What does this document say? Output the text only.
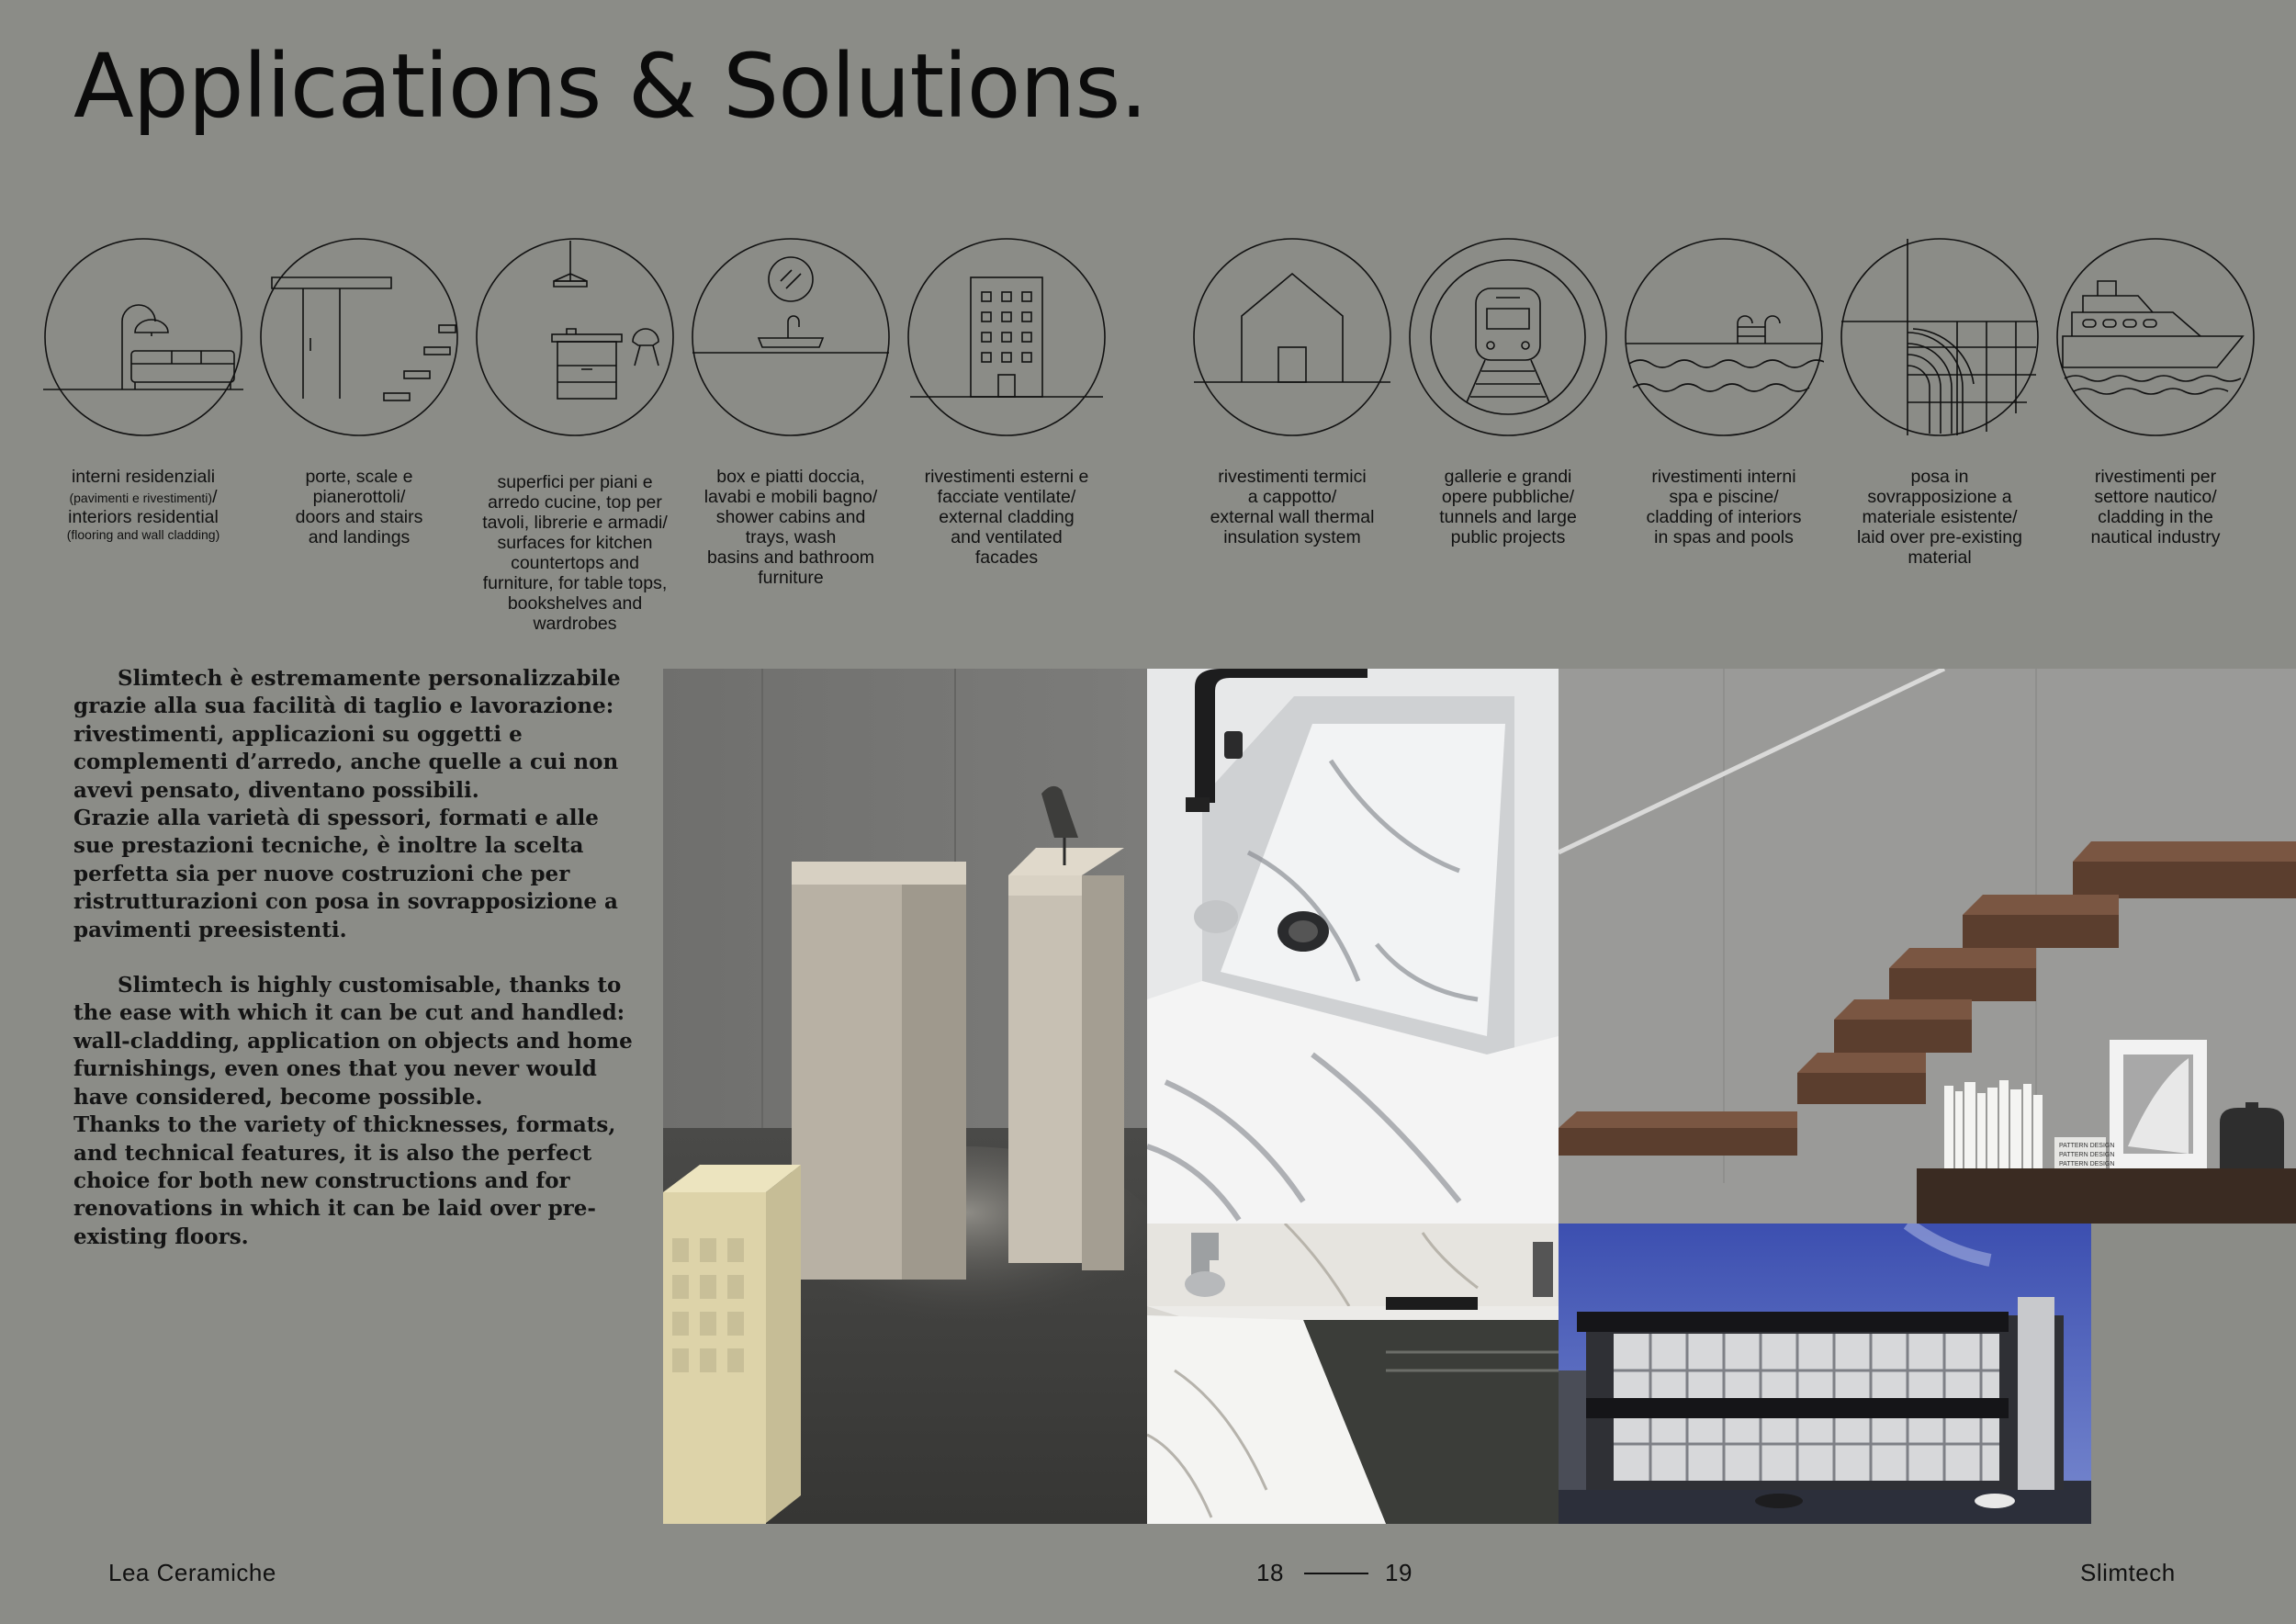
Applications & Solutions.
interni residenziali
(pavimenti e rivestimenti)/
interiors residential
(flooring and wall cladding)
porte, scale e
pianerottoli/
doors and stairs
and landings
superfici per piani e
arredo cucine, top per
tavoli, librerie e armadi/
surfaces for kitchen
countertops and
furniture, for table tops,
bookshelves and
wardrobes
box e piatti doccia,
lavabi e mobili bagno/
shower cabins and
trays, wash
basins and bathroom
furniture
rivestimenti esterni e
facciate ventilate/
external cladding
and ventilated
facades
rivestimenti termici
a cappotto/
external wall thermal
insulation system
gallerie e grandi
opere pubbliche/
tunnels and large
public projects
rivestimenti interni
spa e piscine/
cladding of interiors
in spas and pools
posa in
sovrapposizione a
materiale esistente/
laid over pre-existing
material
rivestimenti per
settore nautico/
cladding in the
nautical industry

Slimtech è estremamente personalizzabile grazie alla sua facilità di taglio e lavorazione: rivestimenti, applicazioni su oggetti e complementi d’arredo, anche quelle a cui non avevi pensato, diventano possibili.

Grazie alla varietà di spessori, formati e alle sue prestazioni tecniche, è inoltre la scelta perfetta sia per nuove costruzioni che per ristrutturazioni con posa in sovrapposizione a pavimenti preesistenti.

Slimtech is highly customisable, thanks to the ease with which it can be cut and handled: wall-cladding, application on objects and home furnishings, even ones that you never would have considered, become possible.

Thanks to the variety of thicknesses, formats, and technical features, it is also the perfect choice for both new constructions and for renovations in which it can be laid over pre-existing floors.

PATTERN DESIGN
PATTERN DESIGN
PATTERN DESIGN
Lea Ceramiche	18	19	Slimtech
